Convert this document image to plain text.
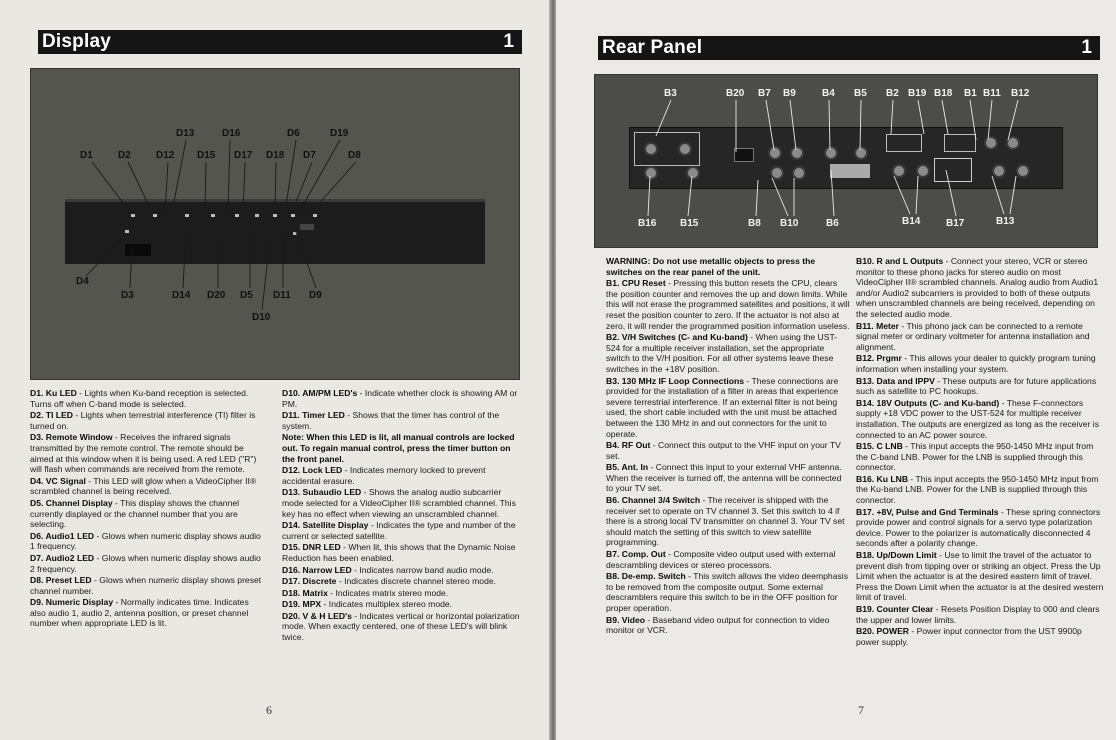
Display	1
D1	D2
D13
D12 D15
D16
D17 D18
D6
D7
D19
D8
D4
D3	D14 D20 D5 D11 D9
D10

D1. Ku LED - Lights when Ku-band reception is selected. Turns off when C-band mode is selected.

D2. TI LED - Lights when terrestrial interference (TI) filter is turned on.

D3. Remote Window - Receives the infrared signals transmitted by the remote control. The remote should be aimed at this window when it is being used. A red LED ("R") will flash when commands are received from the remote.

D4. VC Signal - This LED will glow when a VideoCipher II® scrambled channel is being received.

D5. Channel Display - This display shows the channel currently displayed or the channel number that you are selecting.

D6. Audio1 LED - Glows when numeric display shows audio 1 frequency.

D7. Audio2 LED - Glows when numeric display shows audio 2 frequency.

D8. Preset LED - Glows when numeric display shows preset channel number.

D9. Numeric Display - Normally indicates time. Indicates also audio 1, audio 2, antenna position, or preset channel number when appropriate LED is lit.

D10. AM/PM LED's - Indicate whether clock is showing AM or PM.

D11. Timer LED - Shows that the timer has control of the system.

Note: When this LED is lit, all manual controls are locked out. To regain manual control, press the timer button on the front panel.

D12. Lock LED - Indicates memory locked to prevent accidental erasure.

D13. Subaudio LED - Shows the analog audio subcarrier mode selected for a VideoCipher II® scrambled channel. This key has no effect when viewing an unscrambled channel.

D14. Satellite Display - Indicates the type and number of the current or selected satellite.

D15. DNR LED - When lit, this shows that the Dynamic Noise Reduction has been enabled.

D16. Narrow LED - Indicates narrow band audio mode.

D17. Discrete - Indicates discrete channel stereo mode.

D18. Matrix - Indicates matrix stereo mode.

D19. MPX - Indicates multiplex stereo mode.

D20. V & H LED's - Indicates vertical or horizontal polarization mode. When exactly centered, one of these LED's will blink twice.

6
Rear Panel	1
B3	B20 B7 B9	B4 B5 B2 B19 B18 B1 B11 B12
B16 B15	B8 B10	B6	B14	B17	B13

WARNING: Do not use metallic objects to press the switches on the rear panel of the unit.

B1. CPU Reset - Pressing this button resets the CPU, clears the position counter and removes the up and down limits. While this will not erase the programmed satellites and positions, it will reset the position counter to zero. If the actuator is not also at zero, it will render the programmed position information useless.

B2. V/H Switches (C- and Ku-band) - When using the UST-524 for a multiple receiver installation, set the appropriate switch to the V/H position. For all other systems leave these switches in the +18V position.

B3. 130 MHz IF Loop Connections - These connections are provided for the installation of a filter in areas that experience severe terrestrial interference. If an external filter is not being used, the short cable included with the unit must be attached between the 130 MHz in and out connectors for the unit to operate.

B4. RF Out - Connect this output to the VHF input on your TV set.

B5. Ant. In - Connect this input to your external VHF antenna. When the receiver is turned off, the antenna will be connected to your TV set.

B6. Channel 3/4 Switch - The receiver is shipped with the receiver set to operate on TV channel 3. Set this switch to 4 if there is a strong local TV transmitter on channel 3. Your TV set should match the setting of this switch to view satellite programming.

B7. Comp. Out - Composite video output used with external descrambling devices or stereo processors.

B8. De-emp. Switch - This switch allows the video deemphasis to be removed from the composite output. Some external descramblers require this switch to be in the OFF position for proper operation.

B9. Video - Baseband video output for connection to video monitor or VCR.

B10. R and L Outputs - Connect your stereo, VCR or stereo monitor to these phono jacks for stereo audio on most VideoCipher II® scrambled channels. Analog audio from Audio1 and/or Audio2 subcarriers is provided to both of these outputs when unscrambled channels are being received, depending on the selected audio mode.

B11. Meter - This phono jack can be connected to a remote signal meter or ordinary voltmeter for antenna installation and alignment.

B12. Prgmr - This allows your dealer to quickly program tuning information when installing your system.

B13. Data and IPPV - These outputs are for future applications such as satellite to PC hookups.

B14. 18V Outputs (C- and Ku-band) - These F-connectors supply +18 VDC power to the UST-524 for multiple receiver installation. The outputs are energized as long as the receiver is connected to an AC power source.

B15. C LNB - This input accepts the 950-1450 MHz input from the C-band LNB. Power for the LNB is supplied through this connector.

B16. Ku LNB - This input accepts the 950-1450 MHz input from the Ku-band LNB. Power for the LNB is supplied through this connector.

B17. +8V, Pulse and Gnd Terminals - These spring connectors provide power and control signals for a servo type polarization device. Power to the polarizer is automatically disconnected 4 seconds after a polarity change.

B18. Up/Down Limit - Use to limit the travel of the actuator to prevent dish from tipping over or striking an object. Press the Up Limit when the actuator is at the desired eastern limit of travel. Press the Down Limit when the actuator is at the desired western limit of travel.

B19. Counter Clear - Resets Position Display to 000 and clears the upper and lower limits.

B20. POWER - Power input connector from the UST 9900p power supply.

7
